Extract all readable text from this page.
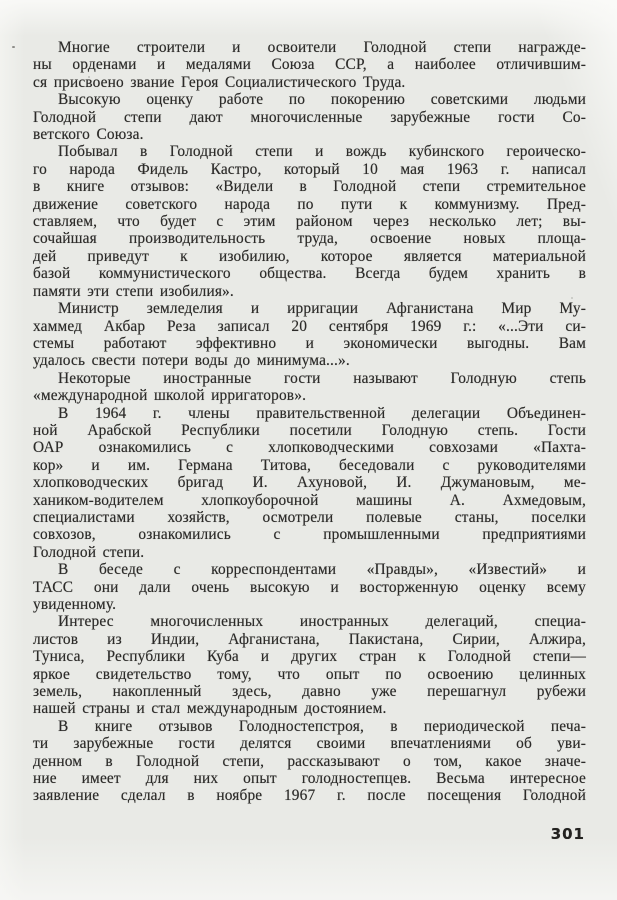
Многие строители и освоители Голодной степи награжде-
ны орденами и медалями Союза ССР, а наиболее отличившим-
ся присвоено звание Героя Социалистического Труда.
Высокую оценку работе по покорению советскими людьми
Голодной степи дают многочисленные зарубежные гости Со-
ветского Союза.
Побывал в Голодной степи и вождь кубинского героическо-
го народа Фидель Кастро, который 10 мая 1963 г. написал
в книге отзывов: «Видели в Голодной степи стремительное
движение советского народа по пути к коммунизму. Пред-
ставляем, что будет с этим районом через несколько лет; вы-
сочайшая производительность труда, освоение новых площа-
дей приведут к изобилию, которое является материальной
базой коммунистического общества. Всегда будем хранить в
памяти эти степи изобилия».
Министр земледелия и ирригации Афганистана Мир Му-
хаммед Акбар Реза записал 20 сентября 1969 г.: «...Эти си-
стемы работают эффективно и экономически выгодны. Вам
удалось свести потери воды до минимума...».
Некоторые иностранные гости называют Голодную степь
«международной школой ирригаторов».
В 1964 г. члены правительственной делегации Объединен-
ной Арабской Республики посетили Голодную степь. Гости
ОАР ознакомились с хлопководческими совхозами «Пахта-
кор» и им. Германа Титова, беседовали с руководителями
хлопководческих бригад И. Ахуновой, И. Джумановым, ме-
хаником-водителем хлопкоуборочной машины А. Ахмедовым,
специалистами хозяйств, осмотрели полевые станы, поселки
совхозов, ознакомились с промышленными предприятиями
Голодной степи.
В беседе с корреспондентами «Правды», «Известий» и
ТАСС они дали очень высокую и восторженную оценку всему
увиденному.
Интерес многочисленных иностранных делегаций, специа-
листов из Индии, Афганистана, Пакистана, Сирии, Алжира,
Туниса, Республики Куба и других стран к Голодной степи—
яркое свидетельство тому, что опыт по освоению целинных
земель, накопленный здесь, давно уже перешагнул рубежи
нашей страны и стал международным достоянием.
В книге отзывов Голодностепстроя, в периодической печа-
ти зарубежные гости делятся своими впечатлениями об уви-
денном в Голодной степи, рассказывают о том, какое значе-
ние имеет для них опыт голодностепцев. Весьма интересное
заявление сделал в ноябре 1967 г. после посещения Голодной
301
